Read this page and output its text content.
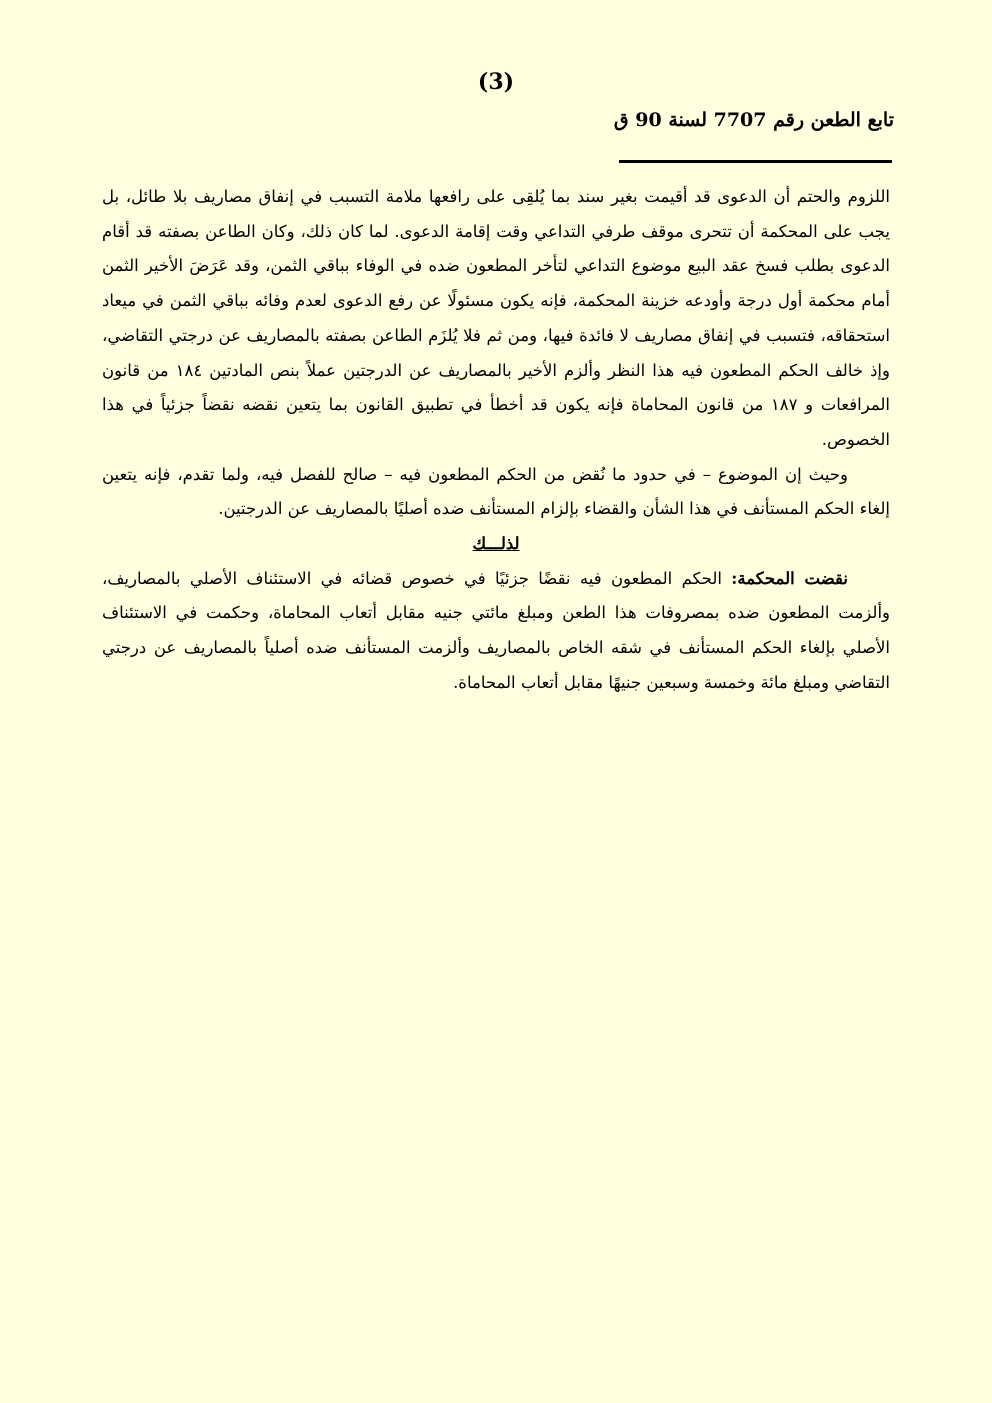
(3)
تابع الطعن رقم 7707 لسنة 90 ق

اللزوم والحتم أن الدعوى قد أقيمت بغير سند بما يُلقِى على رافعها ملامة التسبب في إنفاق مصاريف بلا طائل، بل يجب على المحكمة أن تتحرى موقف طرفي التداعي وقت إقامة الدعوى. لما كان ذلك، وكان الطاعن بصفته قد أقام الدعوى بطلب فسخ عقد البيع موضوع التداعي لتأخر المطعون ضده في الوفاء بباقي الثمن، وقد عَرَضَ الأخير الثمن أمام محكمة أول درجة وأودعه خزينة المحكمة، فإنه يكون مسئولًا عن رفع الدعوى لعدم وفائه بباقي الثمن في ميعاد استحقاقه، فتسبب في إنفاق مصاريف لا فائدة فيها، ومن ثم فلا يُلزَم الطاعن بصفته بالمصاريف عن درجتي التقاضي، وإذ خالف الحكم المطعون فيه هذا النظر وألزم الأخير بالمصاريف عن الدرجتين عملاً بنص المادتين ١٨٤ من قانون المرافعات و ١٨٧ من قانون المحاماة فإنه يكون قد أخطأ في تطبيق القانون بما يتعين نقضه نقضاً جزئياً في هذا الخصوص.

وحيث إن الموضوع – في حدود ما نُقض من الحكم المطعون فيه – صالح للفصل فيه، ولما تقدم، فإنه يتعين إلغاء الحكم المستأنف في هذا الشأن والقضاء بإلزام المستأنف ضده أصليًا بالمصاريف عن الدرجتين.

لذلـــك

نقضت المحكمة: الحكم المطعون فيه نقضًا جزئيًا في خصوص قضائه في الاستئناف الأصلي بالمصاريف، وألزمت المطعون ضده بمصروفات هذا الطعن ومبلغ مائتي جنيه مقابل أتعاب المحاماة، وحكمت في الاستئناف الأصلي بإلغاء الحكم المستأنف في شقه الخاص بالمصاريف وألزمت المستأنف ضده أصلياً بالمصاريف عن درجتي التقاضي ومبلغ مائة وخمسة وسبعين جنيهًا مقابل أتعاب المحاماة.
